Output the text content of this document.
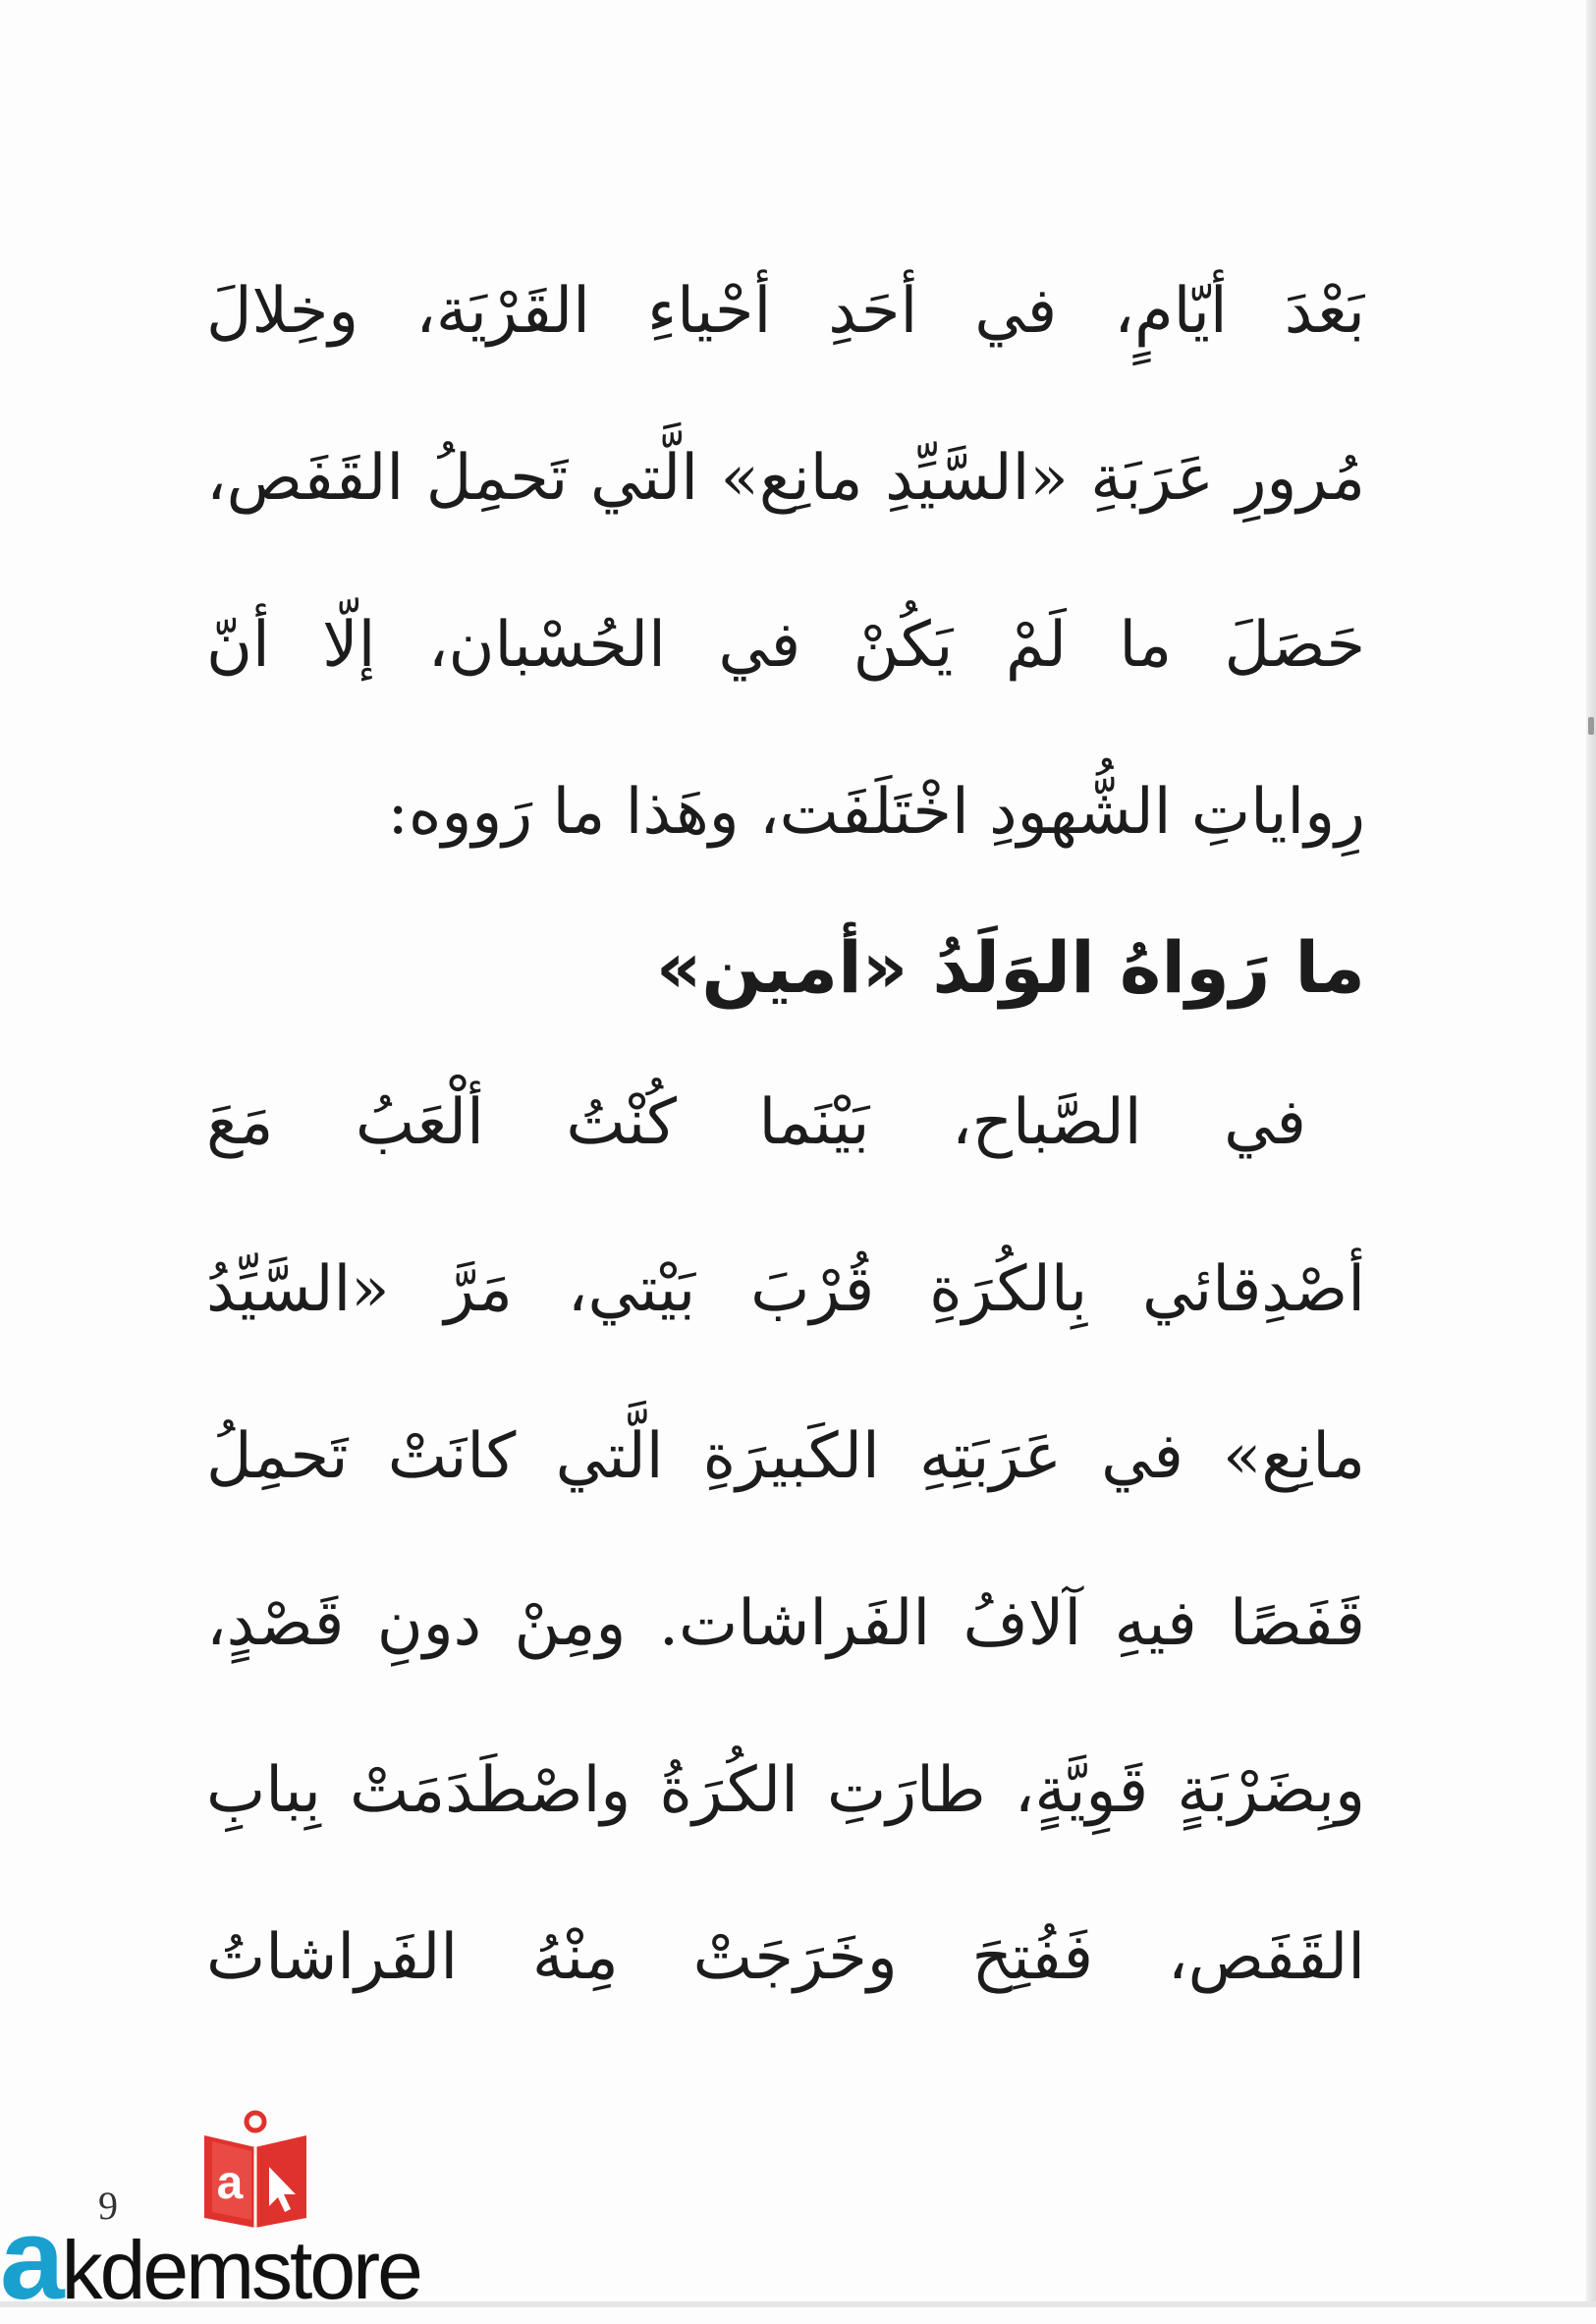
بَعْدَ أيّامٍ، في أحَدِ أحْياءِ القَرْيَة، وخِلالَ
مُرورِ عَرَبَةِ «السَّيِّدِ مانِع» الَّتي تَحمِلُ القَفَص،
حَصَلَ ما لَمْ يَكُنْ في الحُسْبان، إلّا أنّ
رِواياتِ الشُّهودِ اخْتَلَفَت، وهَذا ما رَووه:
ما رَواهُ الوَلَدُ «أمين»
في الصَّباح، بَيْنَما كُنْتُ ألْعَبُ مَعَ
أصْدِقائي بِالكُرَةِ قُرْبَ بَيْتي، مَرَّ «السَّيِّدُ
مانِع» في عَرَبَتِهِ الكَبيرَةِ الَّتي كانَتْ تَحمِلُ
قَفَصًا فيهِ آلافُ الفَراشات. ومِنْ دونِ قَصْدٍ،
وبِضَرْبَةٍ قَوِيَّةٍ، طارَتِ الكُرَةُ واصْطَدَمَتْ بِبابِ
القَفَص، فَفُتِحَ وخَرَجَتْ مِنْهُ الفَراشاتُ
9 a
akdemstore
